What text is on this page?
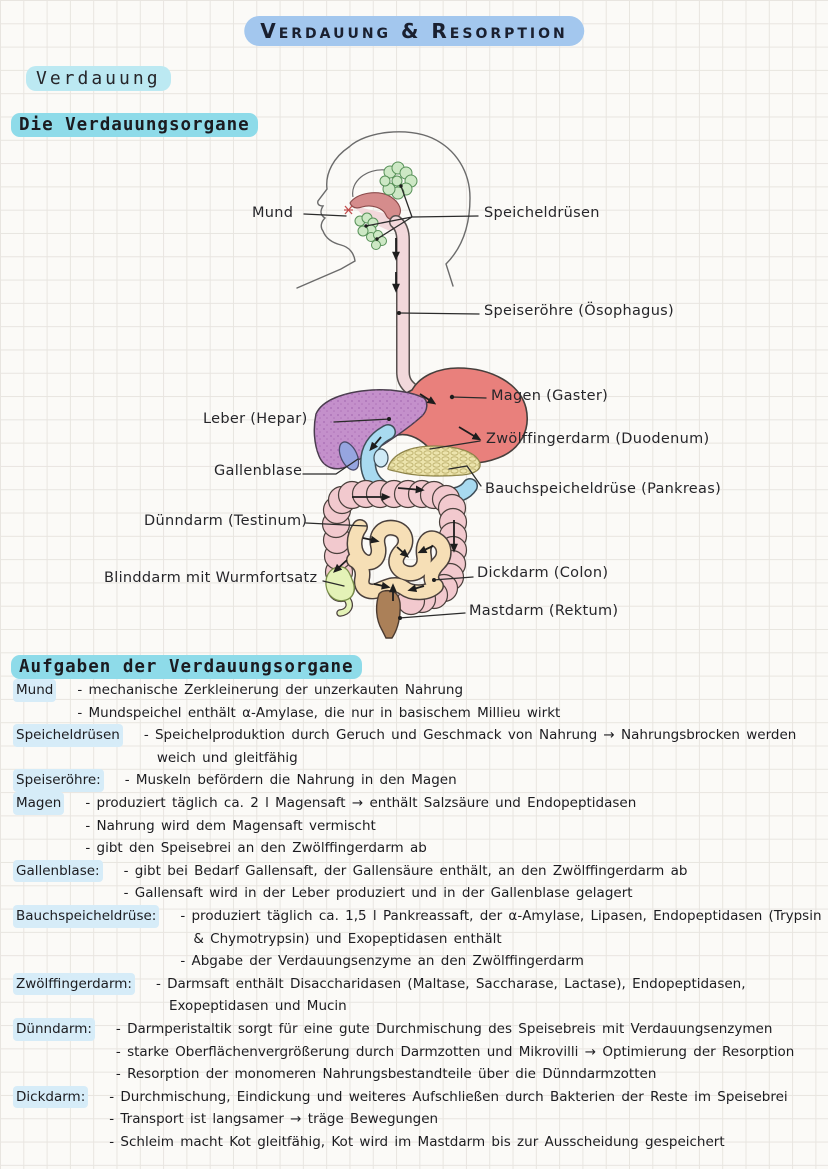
Verdauung & Resorption
Verdauung
Die Verdauungsorgane
Mund	Speicheldrüsen
Speiseröhre (Ösophagus)
Magen (Gaster)
Leber (Hepar)
Zwölffingerdarm (Duodenum)
Gallenblase
Bauchspeicheldrüse (Pankreas)
Dünndarm (Testinum)
Dickdarm (Colon)
Blinddarm mit Wurmfortsatz
Mastdarm (Rektum)
Aufgaben der Verdauungsorgane
Mund	- mechanische Zerkleinerung der unzerkauten Nahrung
- Mundspeichel enthält α-Amylase, die nur in basischem Millieu wirkt
Speicheldrüsen	- Speichelproduktion durch Geruch und Geschmack von Nahrung → Nahrungsbrocken werden weich und gleitfähig
Speiseröhre:	- Muskeln befördern die Nahrung in den Magen
Magen	- produziert täglich ca. 2 l Magensaft → enthält Salzsäure und Endopeptidasen
- Nahrung wird dem Magensaft vermischt
- gibt den Speisebrei an den Zwölffingerdarm ab
Gallenblase:	- gibt bei Bedarf Gallensaft, der Gallensäure enthält, an den Zwölffingerdarm ab
- Gallensaft wird in der Leber produziert und in der Gallenblase gelagert
Bauchspeicheldrüse:	- produziert täglich ca. 1,5 l Pankreassaft, der α-Amylase, Lipasen, Endopeptidasen (Trypsin & Chymotrypsin) und Exopeptidasen enthält
- Abgabe der Verdauungsenzyme an den Zwölffingerdarm
Zwölffingerdarm:	- Darmsaft enthält Disaccharidasen (Maltase, Saccharase, Lactase), Endopeptidasen, Exopeptidasen und Mucin
Dünndarm:	- Darmperistaltik sorgt für eine gute Durchmischung des Speisebreis mit Verdauungsenzymen
- starke Oberflächenvergrößerung durch Darmzotten und Mikrovilli → Optimierung der Resorption
- Resorption der monomeren Nahrungsbestandteile über die Dünndarmzotten
Dickdarm:	- Durchmischung, Eindickung und weiteres Aufschließen durch Bakterien der Reste im Speisebrei
- Transport ist langsamer → träge Bewegungen
- Schleim macht Kot gleitfähig, Kot wird im Mastdarm bis zur Ausscheidung gespeichert
